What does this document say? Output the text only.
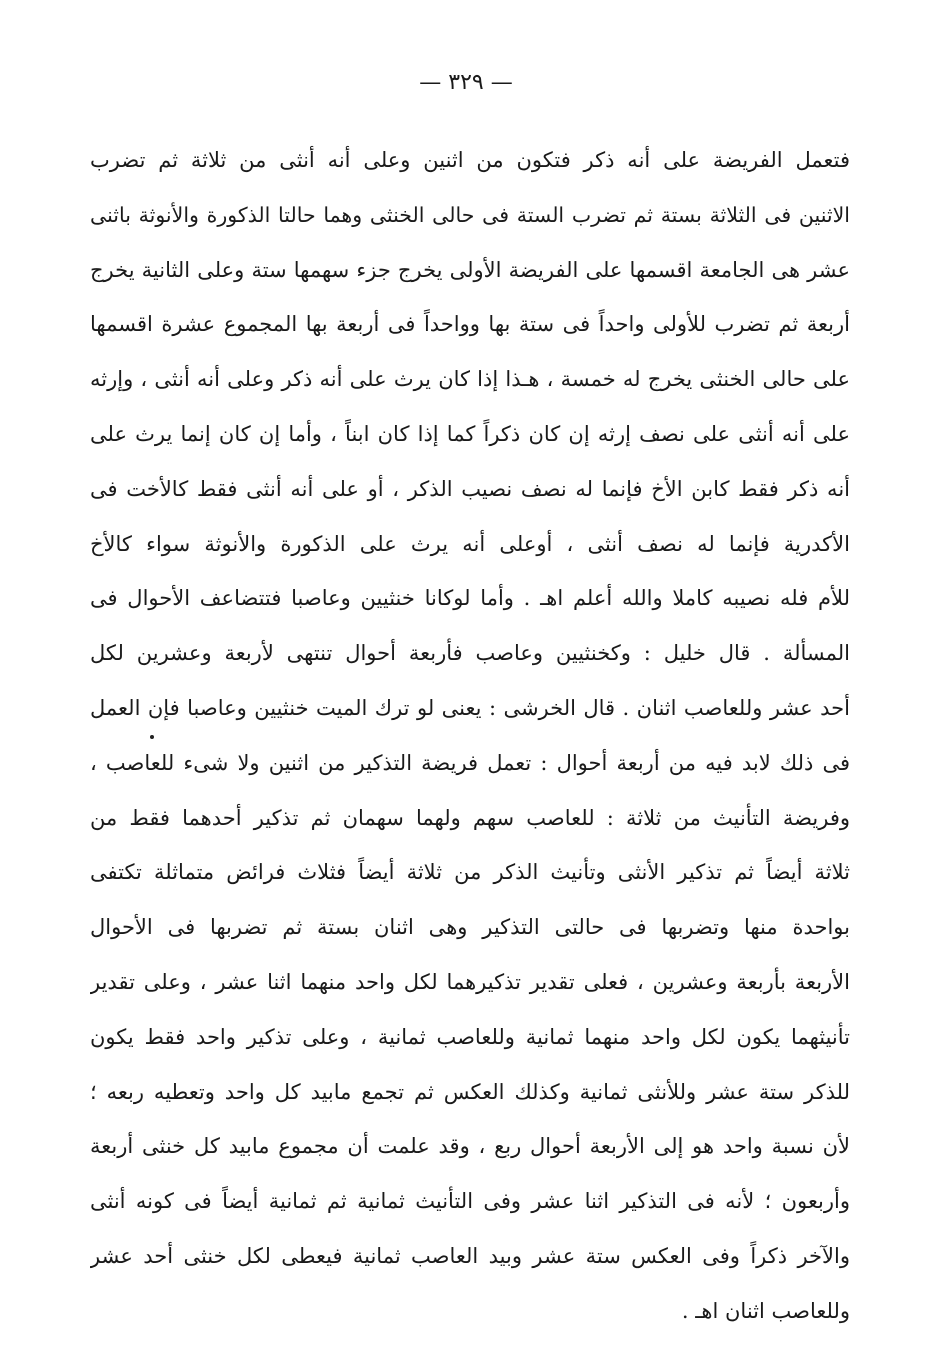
— ٣٢٩ —
فتعمل الفريضة على أنه ذكر فتكون من اثنين وعلى أنه أنثى من ثلاثة ثم تضرب
الاثنين فى الثلاثة بستة ثم تضرب الستة فى حالى الخنثى وهما حالتا الذكورة والأنوثة باثنى
عشر هى الجامعة اقسمها على الفريضة الأولى يخرج جزء سهمها ستة وعلى الثانية يخرج
أربعة ثم تضرب للأولى واحداً فى ستة بها وواحداً فى أربعة بها المجموع عشرة اقسمها
على حالى الخنثى يخرج له خمسة ، هـذا إذا كان يرث على أنه ذكر وعلى أنه أنثى ، وإرثه
على أنه أنثى على نصف إرثه إن كان ذكراً كما إذا كان ابناً ، وأما إن كان إنما يرث على
أنه ذكر فقط كابن الأخ فإنما له نصف نصيب الذكر ، أو على أنه أنثى فقط كالأخت فى
الأكدرية فإنما له نصف أنثى ، أوعلى أنه يرث على الذكورة والأنوثة سواء كالأخ
للأم فله نصيبه كاملا والله أعلم اهـ . وأما لوكانا خنثيين وعاصبا فتتضاعف الأحوال فى
المسألة . قال خليل : وكخنثيين وعاصب فأربعة أحوال تنتهى لأربعة وعشرين لكل
أحد عشر وللعاصب اثنان . قال الخرشى : يعنى لو ترك الميت خنثيين وعاصبا فإن العمل
فى ذلك لابد فيه من أربعة أحوال : تعمل فريضة التذكير من اثنين ولا شىء للعاصب ،
وفريضة التأنيث من ثلاثة : للعاصب سهم ولهما سهمان ثم تذكير أحدهما فقط من
ثلاثة أيضاً ثم تذكير الأنثى وتأنيث الذكر من ثلاثة أيضاً فثلاث فرائض متماثلة تكتفى
بواحدة منها وتضربها فى حالتى التذكير وهى اثنان بستة ثم تضربها فى الأحوال
الأربعة بأربعة وعشرين ، فعلى تقدير تذكيرهما لكل واحد منهما اثنا عشر ، وعلى تقدير
تأنيثهما يكون لكل واحد منهما ثمانية وللعاصب ثمانية ، وعلى تذكير واحد فقط يكون
للذكر ستة عشر وللأنثى ثمانية وكذلك العكس ثم تجمع مابيد كل واحد وتعطيه ربعه ؛
لأن نسبة واحد هو إلى الأربعة أحوال ربع ، وقد علمت أن مجموع مابيد كل خنثى أربعة
وأربعون ؛ لأنه فى التذكير اثنا عشر وفى التأنيث ثمانية ثم ثمانية أيضاً فى كونه أنثى
والآخر ذكراً وفى العكس ستة عشر وبيد العاصب ثمانية فيعطى لكل خنثى أحد عشر
وللعاصب اثنان اهـ .
